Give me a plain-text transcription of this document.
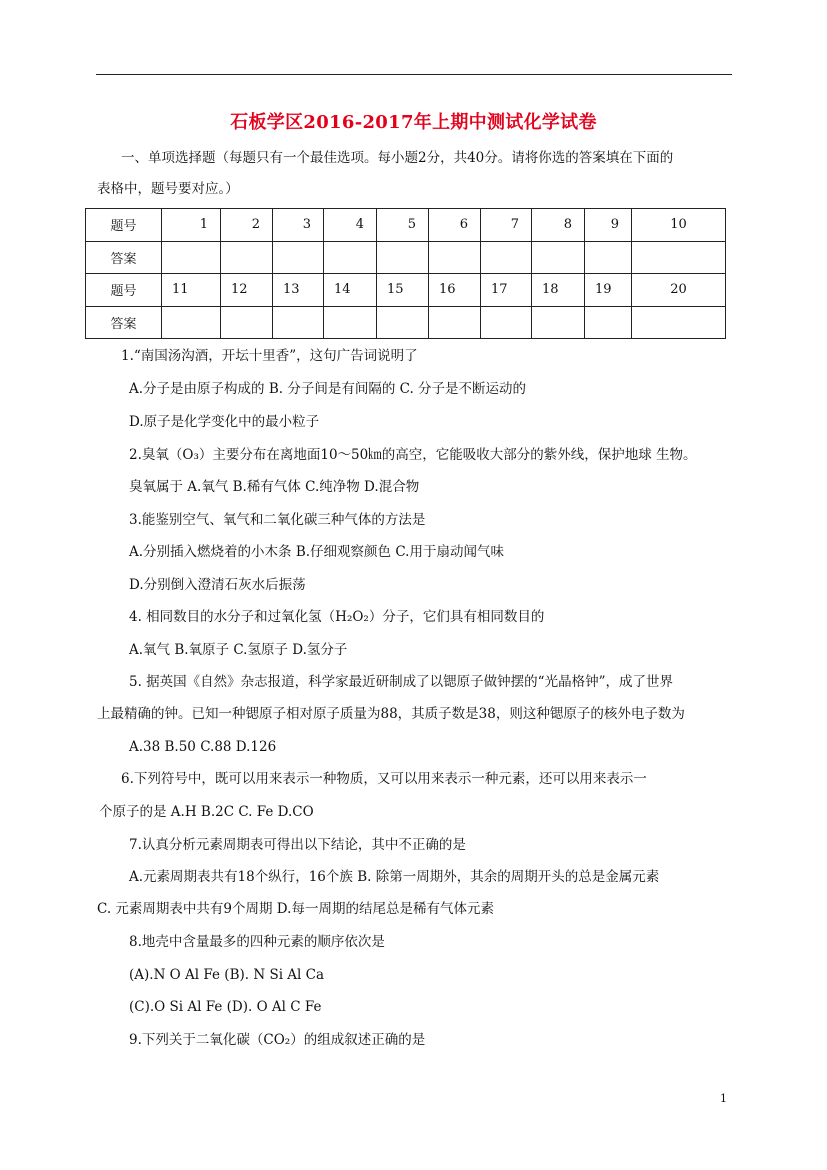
石板学区2016-2017年上期中测试化学试卷
一、单项选择题（每题只有一个最佳选项。每小题2分，共40分。请将你选的答案填在下面的
表格中，题号要对应。）
题号	1	2	3	4	5	6	7	8	9	10
答案										
题号	11	12	13	14	15	16	17	18	19	20
答案										
1.“南国汤沟酒，开坛十里香”，这句广告词说明了
A.分子是由原子构成的 B. 分子间是有间隔的 C. 分子是不断运动的
D.原子是化学变化中的最小粒子
2.臭氧（O₃）主要分布在离地面10～50㎞的高空，它能吸收大部分的紫外线，保护地球 生物。
臭氧属于 A.氧气 B.稀有气体 C.纯净物 D.混合物
3.能鉴别空气、氧气和二氧化碳三种气体的方法是
A.分别插入燃烧着的小木条 B.仔细观察颜色 C.用于扇动闻气味
D.分别倒入澄清石灰水后振荡
4. 相同数目的水分子和过氧化氢（H₂O₂）分子，它们具有相同数目的
A.氧气 B.氧原子 C.氢原子 D.氢分子
5. 据英国《自然》杂志报道，科学家最近研制成了以锶原子做钟摆的“光晶格钟”，成了世界
上最精确的钟。已知一种锶原子相对原子质量为88，其质子数是38，则这种锶原子的核外电子数为
A.38 B.50 C.88 D.126
6.下列符号中，既可以用来表示一种物质，又可以用来表示一种元素，还可以用来表示一
个原子的是 A.H B.2C C. Fe D.CO
7.认真分析元素周期表可得出以下结论，其中不正确的是
A.元素周期表共有18个纵行，16个族 B. 除第一周期外，其余的周期开头的总是金属元素
C. 元素周期表中共有9个周期 D.每一周期的结尾总是稀有气体元素
8.地壳中含量最多的四种元素的顺序依次是
(A).N O Al Fe (B). N Si Al Ca
(C).O Si Al Fe (D). O Al C Fe
9.下列关于二氧化碳（CO₂）的组成叙述正确的是
1
